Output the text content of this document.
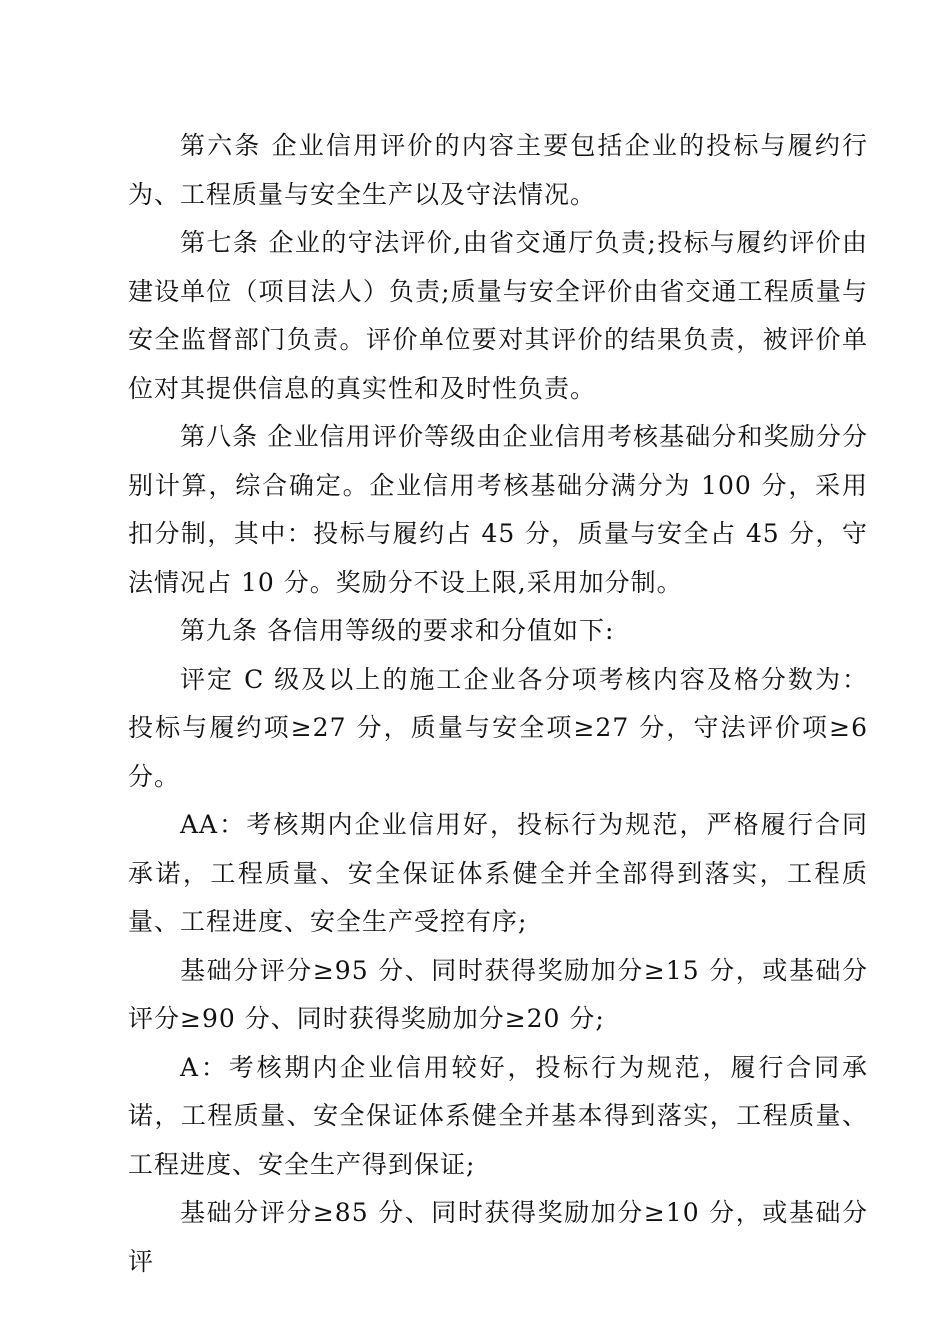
第六条 企业信用评价的内容主要包括企业的投标与履约行为、工程质量与安全生产以及守法情况。

第七条 企业的守法评价,由省交通厅负责;投标与履约评价由建设单位（项目法人）负责;质量与安全评价由省交通工程质量与安全监督部门负责。评价单位要对其评价的结果负责，被评价单位对其提供信息的真实性和及时性负责。

第八条 企业信用评价等级由企业信用考核基础分和奖励分分别计算，综合确定。企业信用考核基础分满分为 100 分，采用扣分制，其中：投标与履约占 45 分，质量与安全占 45 分，守法情况占 10 分。奖励分不设上限,采用加分制。

第九条 各信用等级的要求和分值如下:

评定 C 级及以上的施工企业各分项考核内容及格分数为：投标与履约项≥27 分，质量与安全项≥27 分，守法评价项≥6 分。

AA：考核期内企业信用好，投标行为规范，严格履行合同承诺，工程质量、安全保证体系健全并全部得到落实，工程质量、工程进度、安全生产受控有序;

基础分评分≥95 分、同时获得奖励加分≥15 分，或基础分评分≥90 分、同时获得奖励加分≥20 分;

A：考核期内企业信用较好，投标行为规范，履行合同承诺，工程质量、安全保证体系健全并基本得到落实，工程质量、工程进度、安全生产得到保证;

基础分评分≥85 分、同时获得奖励加分≥10 分，或基础分评
